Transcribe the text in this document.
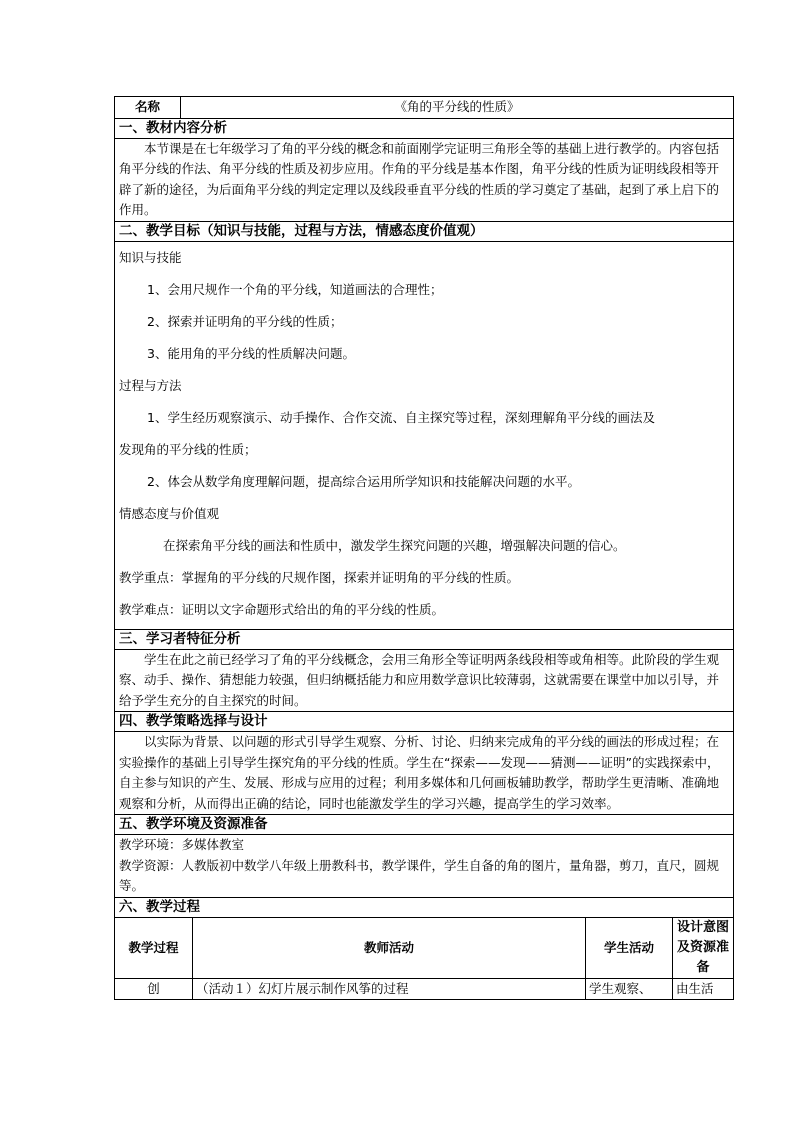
名称	《角的平分线的性质》
一、教材内容分析

本节课是在七年级学习了角的平分线的概念和前面刚学完证明三角形全等的基础上进行教学的。内容包括角平分线的作法、角平分线的性质及初步应用。作角的平分线是基本作图，角平分线的性质为证明线段相等开辟了新的途径，为后面角平分线的判定定理以及线段垂直平分线的性质的学习奠定了基础，起到了承上启下的作用。

二、教学目标（知识与技能，过程与方法，情感态度价值观）

知识与技能
1、会用尺规作一个角的平分线，知道画法的合理性；
2、探索并证明角的平分线的性质；
3、能用角的平分线的性质解决问题。
过程与方法
1、学生经历观察演示、动手操作、合作交流、自主探究等过程，深刻理解角平分线的画法及
发现角的平分线的性质；
2、体会从数学角度理解问题，提高综合运用所学知识和技能解决问题的水平。
情感态度与价值观
在探索角平分线的画法和性质中，激发学生探究问题的兴趣，增强解决问题的信心。
教学重点：掌握角的平分线的尺规作图，探索并证明角的平分线的性质。
教学难点：证明以文字命题形式给出的角的平分线的性质。

三、学习者特征分析

学生在此之前已经学习了角的平分线概念，会用三角形全等证明两条线段相等或角相等。此阶段的学生观察、动手、操作、猜想能力较强，但归纳概括能力和应用数学意识比较薄弱，这就需要在课堂中加以引导，并给予学生充分的自主探究的时间。

四、教学策略选择与设计

以实际为背景、以问题的形式引导学生观察、分析、讨论、归纳来完成角的平分线的画法的形成过程；在实验操作的基础上引导学生探究角的平分线的性质。学生在“探索——发现——猜测——证明”的实践探索中，自主参与知识的产生、发展、形成与应用的过程；利用多媒体和几何画板辅助教学，帮助学生更清晰、准确地观察和分析，从而得出正确的结论，同时也能激发学生的学习兴趣，提高学生的学习效率。

五、教学环境及资源准备

教学环境：多媒体教室
教学资源：人教版初中数学八年级上册教科书，教学课件，学生自备的角的图片，量角器，剪刀，直尺，圆规等。

六、教学过程
教学过程	教师活动	学生活动	设计意图及资源准备
创	（活动１）幻灯片展示制作风筝的过程	学生观察、	由生活
